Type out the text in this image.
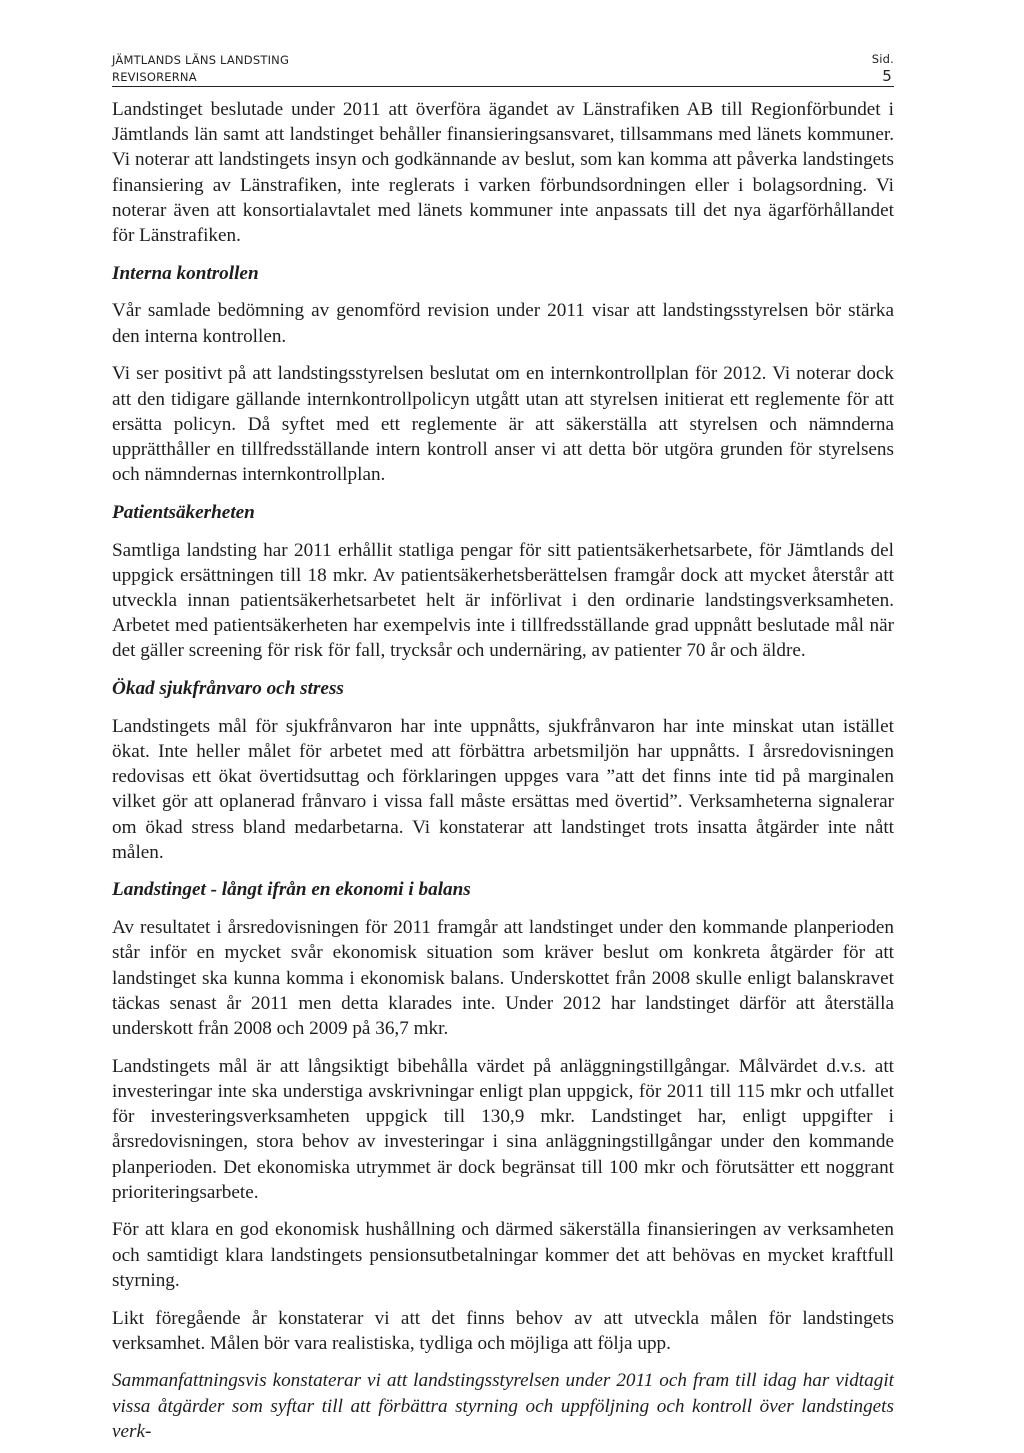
JÄMTLANDS LÄNS LANDSTING
REVISORERNA
Sid.
5

Landstinget beslutade under 2011 att överföra ägandet av Länstrafiken AB till Regionförbundet i Jämtlands län samt att landstinget behåller finansieringsansvaret, tillsammans med länets kommuner. Vi noterar att landstingets insyn och godkännande av beslut, som kan komma att påverka landstingets finansiering av Länstrafiken, inte reglerats i varken förbundsordningen eller i bolagsordning. Vi noterar även att konsortialavtalet med länets kommuner inte anpassats till det nya ägarförhållandet för Länstrafiken.

Interna kontrollen

Vår samlade bedömning av genomförd revision under 2011 visar att landstingsstyrelsen bör stärka den interna kontrollen.

Vi ser positivt på att landstingsstyrelsen beslutat om en internkontrollplan för 2012. Vi noterar dock att den tidigare gällande internkontrollpolicyn utgått utan att styrelsen initierat ett reglemente för att ersätta policyn. Då syftet med ett reglemente är att säkerställa att styrelsen och nämnderna upprätthåller en tillfredsställande intern kontroll anser vi att detta bör utgöra grunden för styrelsens och nämndernas internkontrollplan.

Patientsäkerheten

Samtliga landsting har 2011 erhållit statliga pengar för sitt patientsäkerhetsarbete, för Jämtlands del uppgick ersättningen till 18 mkr. Av patientsäkerhetsberättelsen framgår dock att mycket återstår att utveckla innan patientsäkerhetsarbetet helt är införlivat i den ordinarie landstingsverksamheten. Arbetet med patientsäkerheten har exempelvis inte i tillfredsställande grad uppnått beslutade mål när det gäller screening för risk för fall, trycksår och undernäring, av patienter 70 år och äldre.

Ökad sjukfrånvaro och stress

Landstingets mål för sjukfrånvaron har inte uppnåtts, sjukfrånvaron har inte minskat utan istället ökat. Inte heller målet för arbetet med att förbättra arbetsmiljön har uppnåtts. I årsredovisningen redovisas ett ökat övertidsuttag och förklaringen uppges vara ”att det finns inte tid på marginalen vilket gör att oplanerad frånvaro i vissa fall måste ersättas med övertid”. Verksamheterna signalerar om ökad stress bland medarbetarna. Vi konstaterar att landstinget trots insatta åtgärder inte nått målen.

Landstinget - långt ifrån en ekonomi i balans

Av resultatet i årsredovisningen för 2011 framgår att landstinget under den kommande planperioden står inför en mycket svår ekonomisk situation som kräver beslut om konkreta åtgärder för att landstinget ska kunna komma i ekonomisk balans. Underskottet från 2008 skulle enligt balanskravet täckas senast år 2011 men detta klarades inte. Under 2012 har landstinget därför att återställa underskott från 2008 och 2009 på 36,7 mkr.

Landstingets mål är att långsiktigt bibehålla värdet på anläggningstillgångar. Målvärdet d.v.s. att investeringar inte ska understiga avskrivningar enligt plan uppgick, för 2011 till 115 mkr och utfallet för investeringsverksamheten uppgick till 130,9 mkr. Landstinget har, enligt uppgifter i årsredovisningen, stora behov av investeringar i sina anläggningstillgångar under den kommande planperioden. Det ekonomiska utrymmet är dock begränsat till 100 mkr och förutsätter ett noggrant prioriteringsarbete.

För att klara en god ekonomisk hushållning och därmed säkerställa finansieringen av verksamheten och samtidigt klara landstingets pensionsutbetalningar kommer det att behövas en mycket kraftfull styrning.

Likt föregående år konstaterar vi att det finns behov av att utveckla målen för landstingets verksamhet. Målen bör vara realistiska, tydliga och möjliga att följa upp.

Sammanfattningsvis konstaterar vi att landstingsstyrelsen under 2011 och fram till idag har vidtagit vissa åtgärder som syftar till att förbättra styrning och uppföljning och kontroll över landstingets verk-
